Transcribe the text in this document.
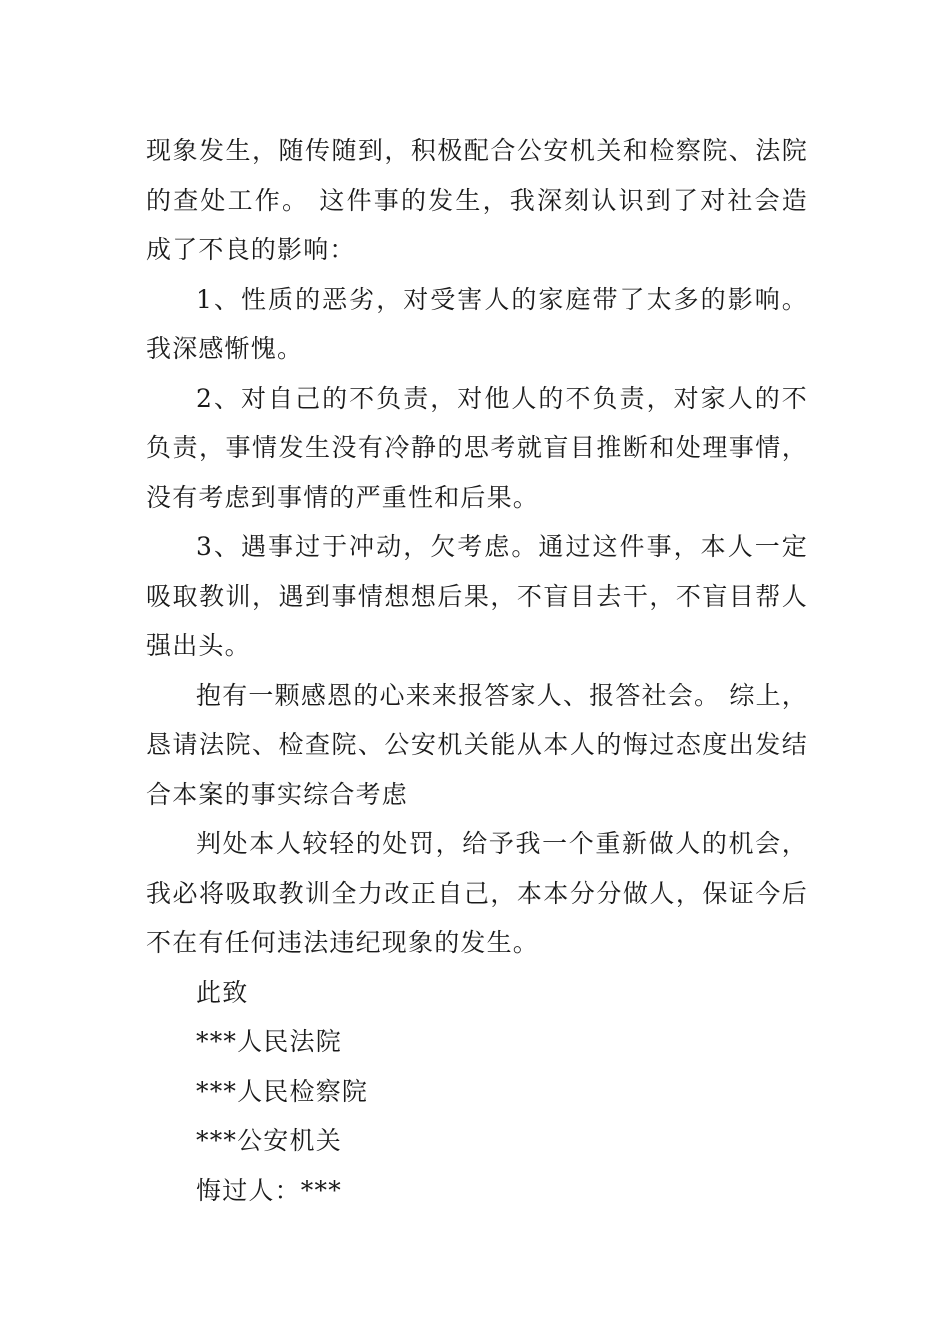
现象发生，随传随到，积极配合公安机关和检察院、法院的查处工作。 这件事的发生，我深刻认识到了对社会造成了不良的影响：

1、性质的恶劣，对受害人的家庭带了太多的影响。我深感惭愧。

2、对自己的不负责，对他人的不负责，对家人的不负责，事情发生没有冷静的思考就盲目推断和处理事情，没有考虑到事情的严重性和后果。

3、遇事过于冲动，欠考虑。通过这件事，本人一定吸取教训，遇到事情想想后果，不盲目去干，不盲目帮人强出头。

抱有一颗感恩的心来来报答家人、报答社会。 综上，恳请法院、检查院、公安机关能从本人的悔过态度出发结合本案的事实综合考虑

判处本人较轻的处罚，给予我一个重新做人的机会，我必将吸取教训全力改正自己，本本分分做人，保证今后不在有任何违法违纪现象的发生。

此致

***人民法院

***人民检察院

***公安机关

悔过人：***
